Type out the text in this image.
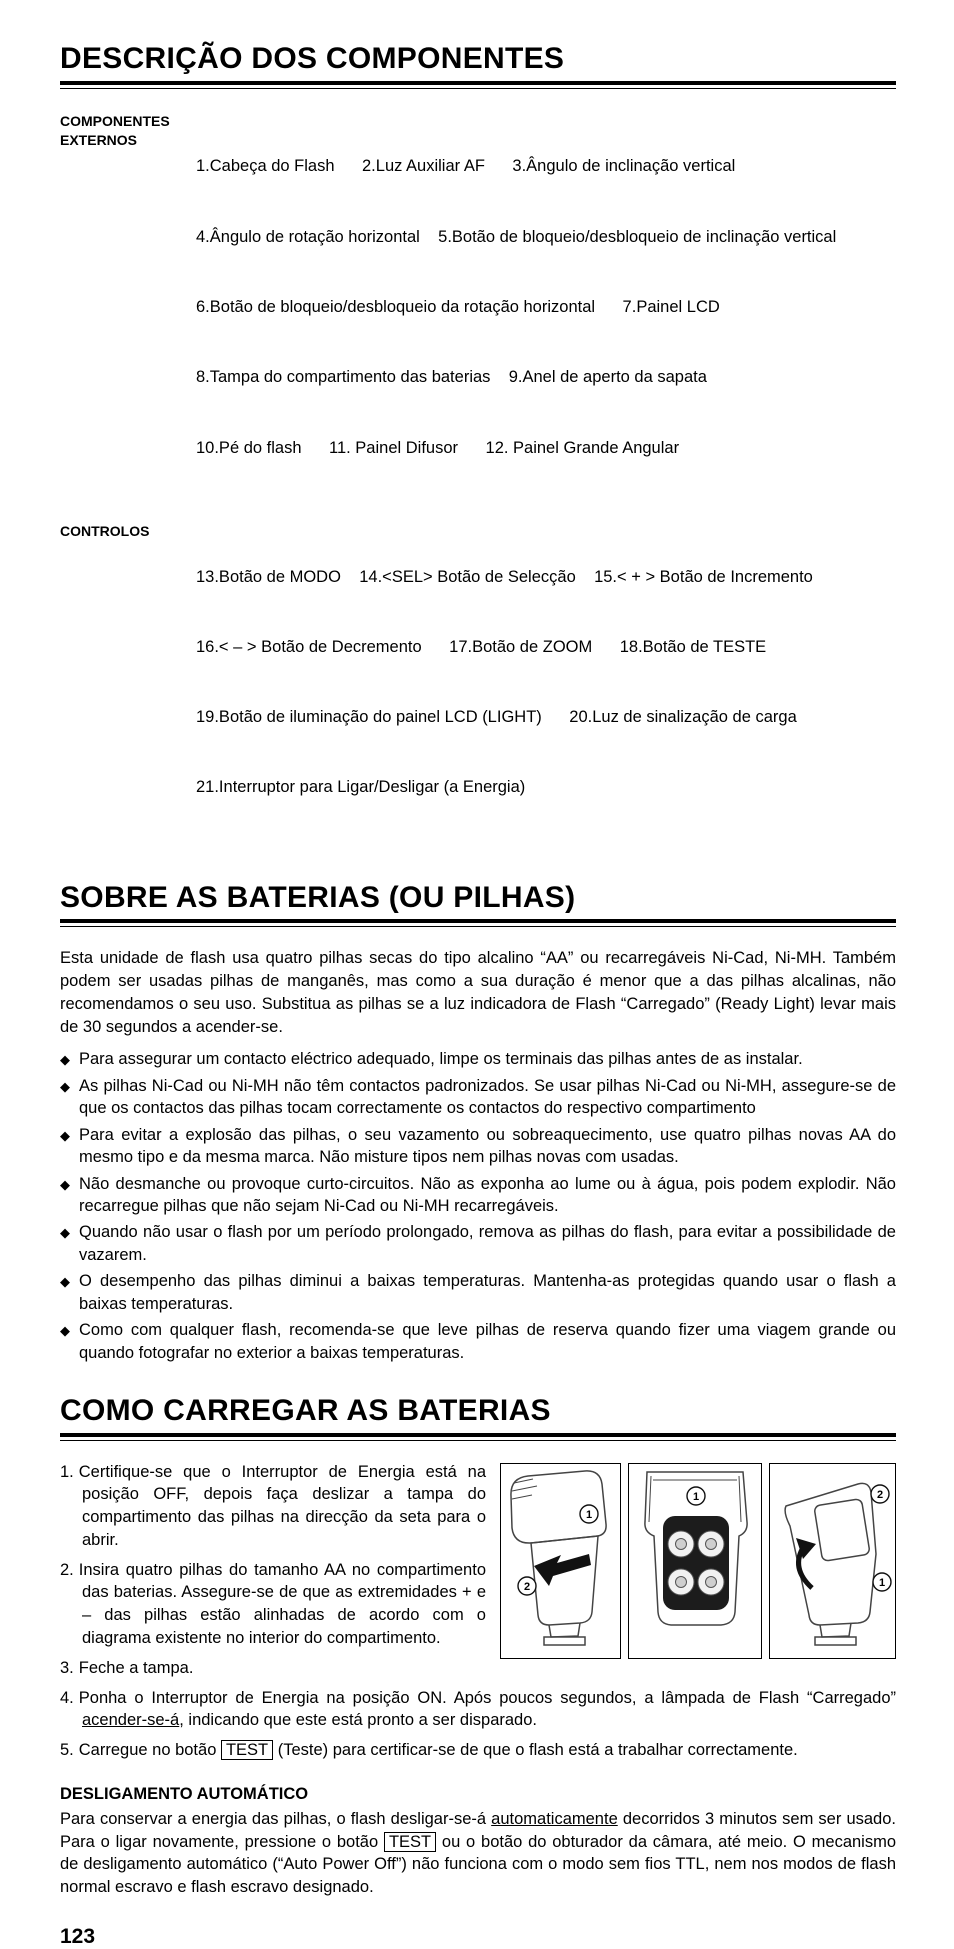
DESCRIÇÃO DOS COMPONENTES
COMPONENTES EXTERNOS

1.Cabeça do Flash      2.Luz Auxiliar AF      3.Ângulo de inclinação vertical

4.Ângulo de rotação horizontal    5.Botão de bloqueio/desbloqueio de inclinação vertical

6.Botão de bloqueio/desbloqueio da rotação horizontal      7.Painel LCD

8.Tampa do compartimento das baterias    9.Anel de aperto da sapata

10.Pé do flash      11. Painel Difusor      12. Painel Grande Angular

CONTROLOS

13.Botão de MODO    14.<SEL> Botão de Selecção    15.< + > Botão de Incremento

16.< – > Botão de Decremento      17.Botão de ZOOM      18.Botão de TESTE

19.Botão de iluminação do painel LCD (LIGHT)      20.Luz de sinalização de carga

21.Interruptor para Ligar/Desligar (a Energia)

SOBRE AS BATERIAS (OU PILHAS)

Esta unidade de flash usa quatro pilhas secas do tipo alcalino “AA” ou recarregáveis Ni-Cad, Ni-MH. Também podem ser usadas pilhas de manganês, mas como a sua duração é menor que a das pilhas alcalinas, não recomendamos o seu uso. Substitua as pilhas se a luz indicadora de Flash “Carregado” (Ready Light) levar mais de 30 segundos a acender-se.

◆ Para assegurar um contacto eléctrico adequado, limpe os terminais das pilhas antes de as instalar.
◆ As pilhas Ni-Cad ou Ni-MH não têm contactos padronizados. Se usar pilhas Ni-Cad ou Ni-MH, assegure-se de que os contactos das pilhas tocam correctamente os contactos do respectivo compartimento
◆ Para evitar a explosão das pilhas, o seu vazamento ou sobreaquecimento, use quatro pilhas novas AA do mesmo tipo e da mesma marca. Não misture tipos nem pilhas novas com usadas.
◆ Não desmanche ou provoque curto-circuitos. Não as exponha ao lume ou à água, pois podem explodir. Não recarregue pilhas que não sejam Ni-Cad ou Ni-MH recarregáveis.
◆ Quando não usar o flash por um período prolongado, remova as pilhas do flash, para evitar a possibilidade de vazarem.
◆ O desempenho das pilhas diminui a baixas temperaturas. Mantenha-as protegidas quando usar o flash a baixas temperaturas.
◆ Como com qualquer flash, recomenda-se que leve pilhas de reserva quando fizer uma viagem grande ou quando fotografar no exterior a baixas temperaturas.
COMO CARREGAR AS BATERIAS
1
2
1	2
1

1. Certifique-se que o Interruptor de Energia está na posição OFF, depois faça deslizar a tampa do compartimento das pilhas na direcção da seta para o abrir.

2. Insira quatro pilhas do tamanho AA no compartimento das baterias. Assegure-se de que as extremidades + e – das pilhas estão alinhadas de acordo com o diagrama existente no interior do compartimento.

3. Feche a tampa.

4. Ponha o Interruptor de Energia na posição ON. Após poucos segundos, a lâmpada de Flash “Carregado” acender-se-á, indicando que este está pronto a ser disparado.

5. Carregue no botão TEST (Teste) para certificar-se de que o flash está a trabalhar correctamente.

DESLIGAMENTO AUTOMÁTICO

Para conservar a energia das pilhas, o flash desligar-se-á automaticamente decorridos 3 minutos sem ser usado. Para o ligar novamente, pressione o botão TEST ou o botão do obturador da câmara, até meio. O mecanismo de desligamento automático (“Auto Power Off”) não funciona com o modo sem fios TTL, nem nos modos de flash normal escravo e flash escravo designado.

123
